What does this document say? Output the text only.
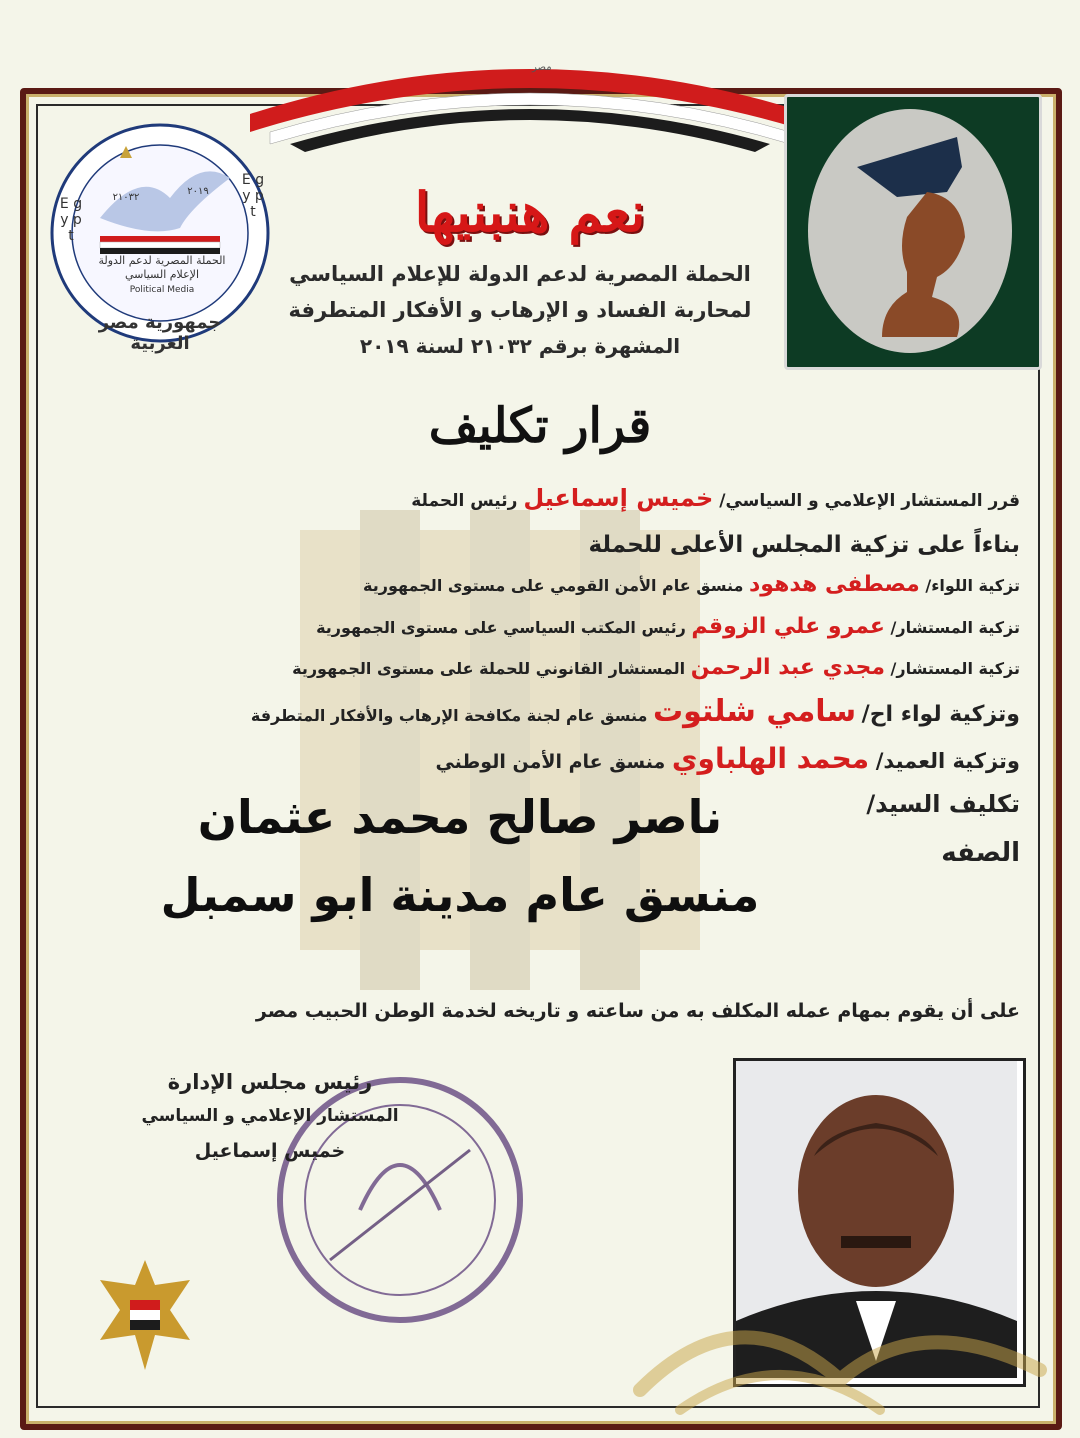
مصر
E g y p t
E g y p t
٢١٠٣٢
٢٠١٩
الحملة المصرية لدعم الدولة
الإعلام السياسي
Political Media
جمهورية مصر العربية
نعم هنبنيها
الحملة المصرية لدعم الدولة للإعلام السياسي
لمحاربة الفساد و الإرهاب و الأفكار المتطرفة
المشهرة برقم ٢١٠٣٢ لسنة ٢٠١٩
قرار تكليف
قرر المستشار الإعلامي و السياسي/ خميس إسماعيل رئيس الحملة
بناءاً على تزكية المجلس الأعلى للحملة
تزكية اللواء/ مصطفى هدهود منسق عام الأمن القومي على مستوى الجمهورية
تزكية المستشار/ عمرو علي الزوقم رئيس المكتب السياسي على مستوى الجمهورية
تزكية المستشار/ مجدي عبد الرحمن المستشار القانوني للحملة على مستوى الجمهورية
وتزكية لواء اح/ سامي شلتوت منسق عام لجنة مكافحة الإرهاب والأفكار المتطرفة
وتزكية العميد/ محمد الهلباوي منسق عام الأمن الوطني
تكليف السيد/
الصفه
ناصر صالح محمد عثمان
منسق عام مدينة ابو سمبل
على أن يقوم بمهام عمله المكلف به من ساعته و تاريخه لخدمة الوطن الحبيب مصر
رئيس مجلس الإدارة
المستشار الإعلامي و السياسي
خميس إسماعيل
